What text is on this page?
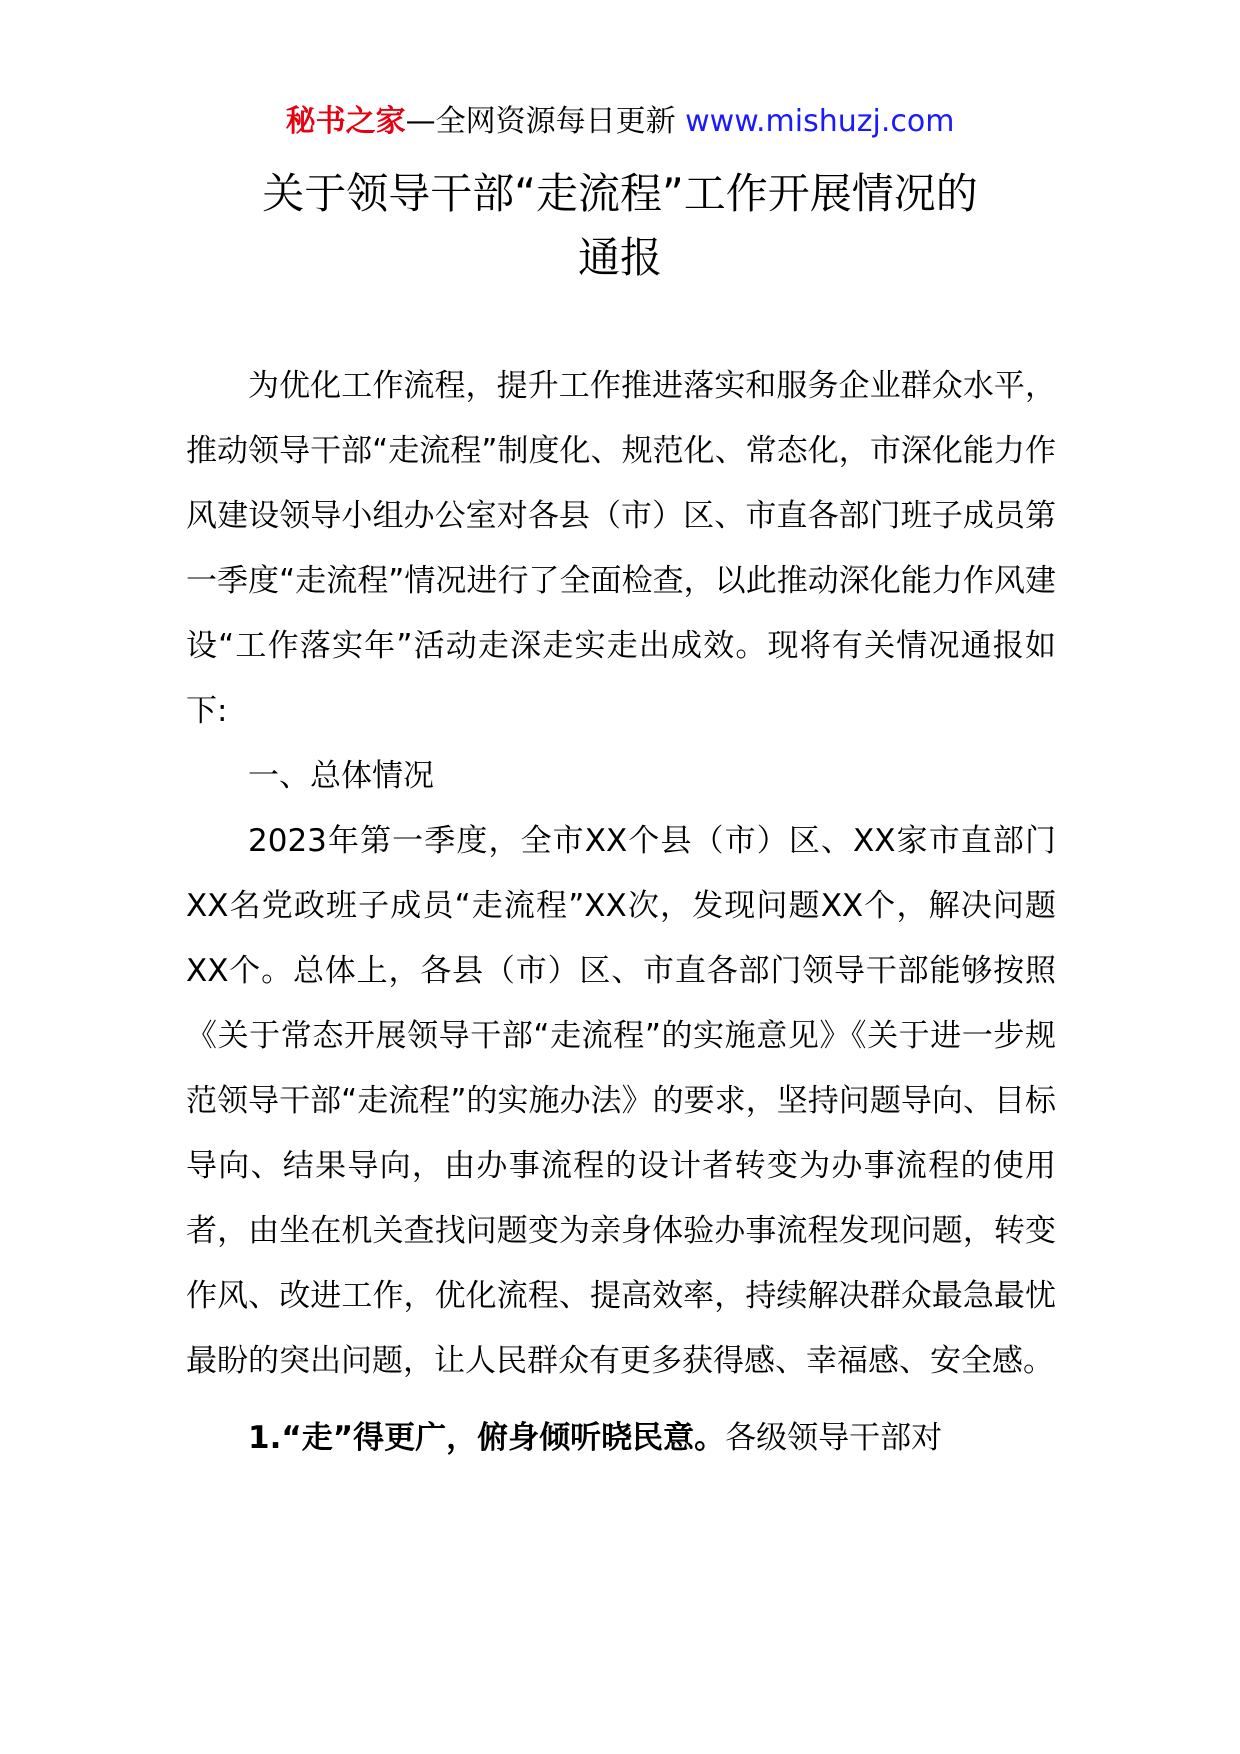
秘书之家—全网资源每日更新 www.mishuzj.com
关于领导干部“走流程”工作开展情况的
通报

为优化工作流程，提升工作推进落实和服务企业群众水平，推动领导干部“走流程”制度化、规范化、常态化，市深化能力作风建设领导小组办公室对各县（市）区、市直各部门班子成员第一季度“走流程”情况进行了全面检查，以此推动深化能力作风建设“工作落实年”活动走深走实走出成效。现将有关情况通报如下:

一、总体情况

2023年第一季度，全市XX个县（市）区、XX家市直部门XX名党政班子成员“走流程”XX次，发现问题XX个，解决问题XX个。总体上，各县（市）区、市直各部门领导干部能够按照《关于常态开展领导干部“走流程”的实施意见》《关于进一步规范领导干部“走流程”的实施办法》的要求，坚持问题导向、目标导向、结果导向，由办事流程的设计者转变为办事流程的使用者，由坐在机关查找问题变为亲身体验办事流程发现问题，转变作风、改进工作，优化流程、提高效率，持续解决群众最急最忧最盼的突出问题，让人民群众有更多获得感、幸福感、安全感。

1.“走”得更广，俯身倾听晓民意。各级领导干部对
